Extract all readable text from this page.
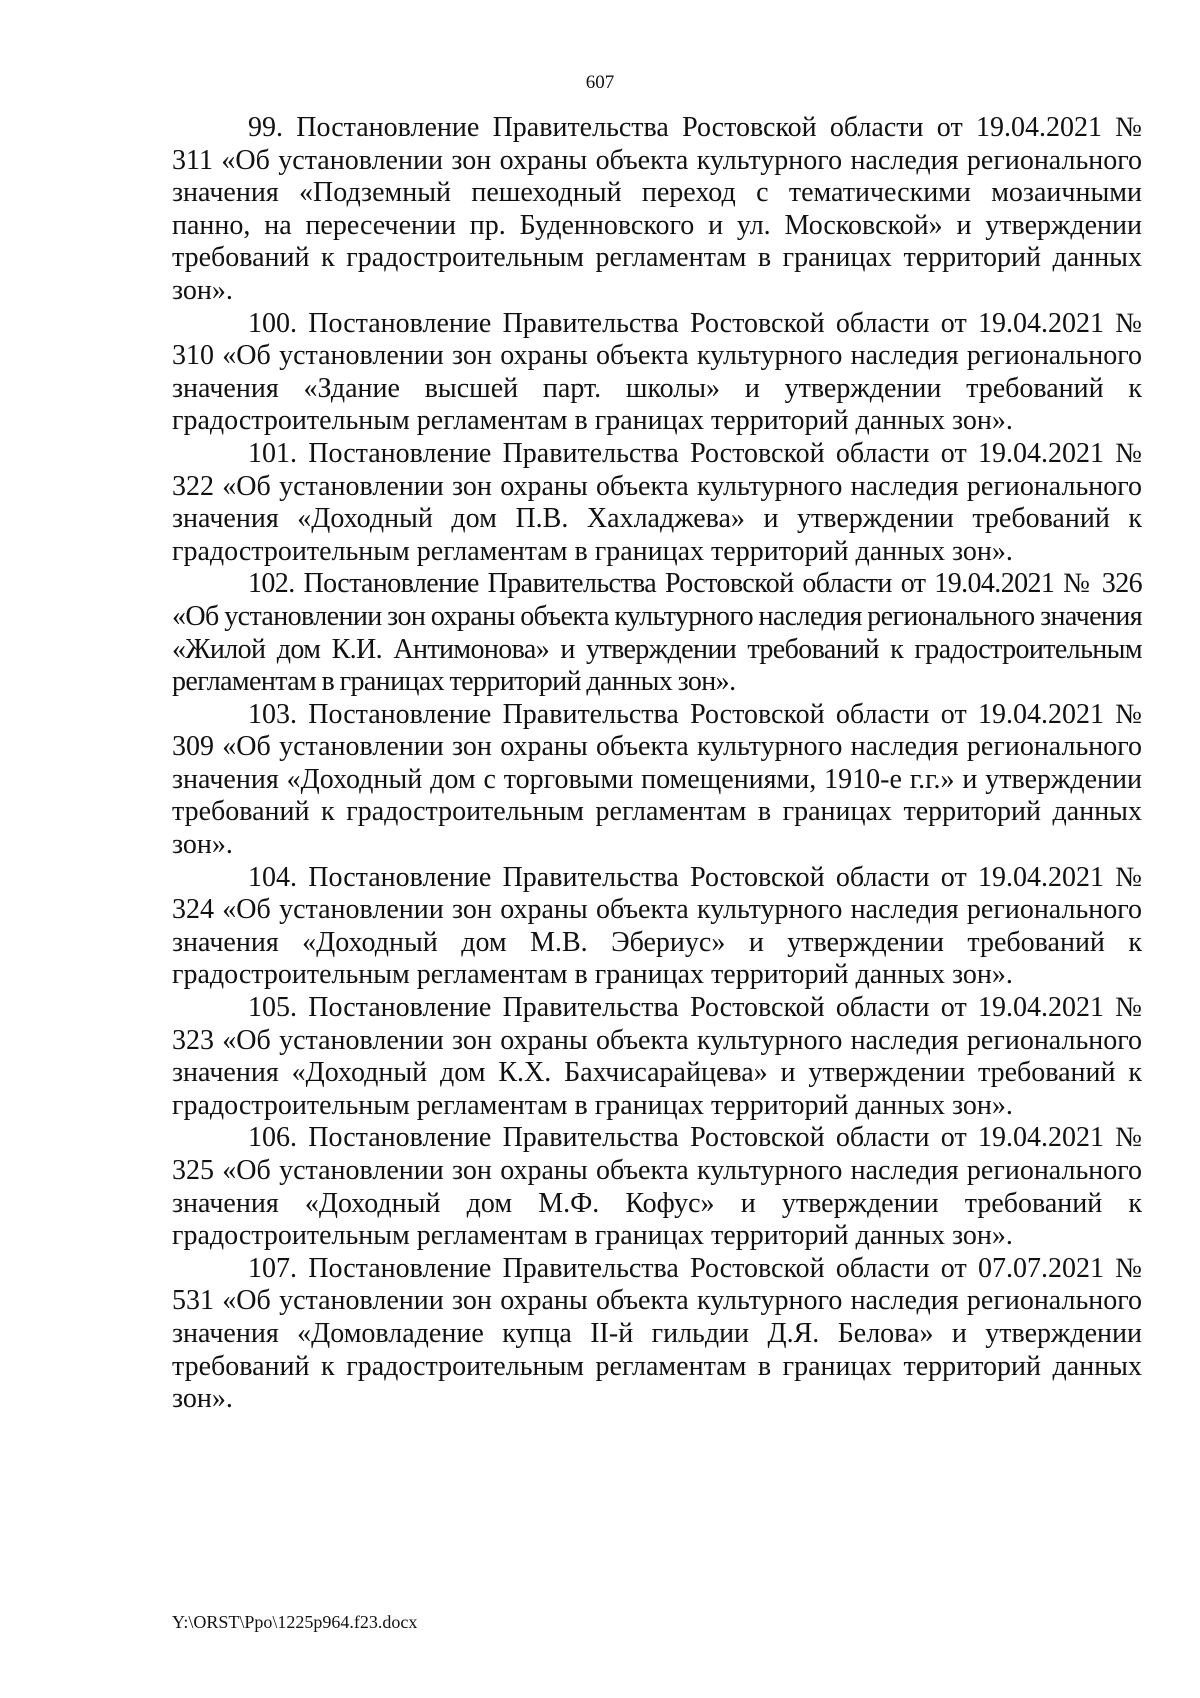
607

99. Постановление Правительства Ростовской области от 19.04.2021 № 311 «Об установлении зон охраны объекта культурного наследия регионального значения «Подземный пешеходный переход с тематическими мозаичными панно, на пересечении пр. Буденновского и ул. Московской» и утверждении требований к градостроительным регламентам в границах территорий данных зон».

100. Постановление Правительства Ростовской области от 19.04.2021 № 310 «Об установлении зон охраны объекта культурного наследия регионального значения «Здание высшей парт. школы» и утверждении требований к градостроительным регламентам в границах территорий данных зон».

101. Постановление Правительства Ростовской области от 19.04.2021 № 322 «Об установлении зон охраны объекта культурного наследия регионального значения «Доходный дом П.В. Хахладжева» и утверждении требований к градостроительным регламентам в границах территорий данных зон».

102. Постановление Правительства Ростовской области от 19.04.2021 № 326 «Об установлении зон охраны объекта культурного наследия регионального значения «Жилой дом К.И. Антимонова» и утверждении требований к градостроительным регламентам в границах территорий данных зон».

103. Постановление Правительства Ростовской области от 19.04.2021 № 309 «Об установлении зон охраны объекта культурного наследия регионального значения «Доходный дом с торговыми помещениями, 1910-е г.г.» и утверждении требований к градостроительным регламентам в границах территорий данных зон».

104. Постановление Правительства Ростовской области от 19.04.2021 № 324 «Об установлении зон охраны объекта культурного наследия регионального значения «Доходный дом М.В. Эбериус» и утверждении требований к градостроительным регламентам в границах территорий данных зон».

105. Постановление Правительства Ростовской области от 19.04.2021 № 323 «Об установлении зон охраны объекта культурного наследия регионального значения «Доходный дом К.Х. Бахчисарайцева» и утверждении требований к градостроительным регламентам в границах территорий данных зон».

106. Постановление Правительства Ростовской области от 19.04.2021 № 325 «Об установлении зон охраны объекта культурного наследия регионального значения «Доходный дом М.Ф. Кофус» и утверждении требований к градостроительным регламентам в границах территорий данных зон».

107. Постановление Правительства Ростовской области от 07.07.2021 № 531 «Об установлении зон охраны объекта культурного наследия регионального значения «Домовладение купца II-й гильдии Д.Я. Белова» и утверждении требований к градостроительным регламентам в границах территорий данных зон».

Y:\ORST\Ppo\1225p964.f23.docx
